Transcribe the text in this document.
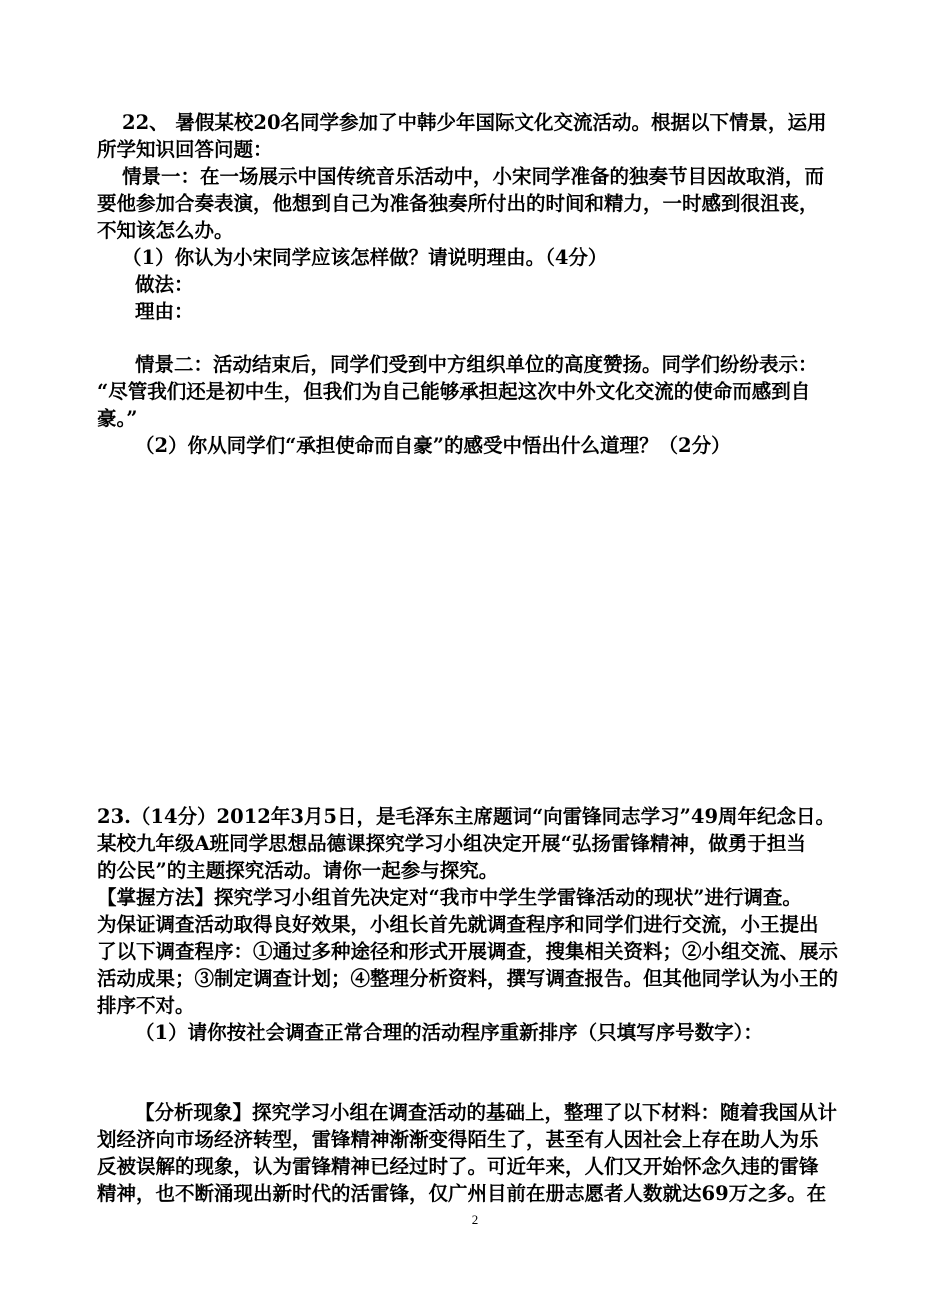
22、 暑假某校20名同学参加了中韩少年国际文化交流活动。根据以下情景，运用
所学知识回答问题：
情景一：在一场展示中国传统音乐活动中，小宋同学准备的独奏节目因故取消，而
要他参加合奏表演，他想到自己为准备独奏所付出的时间和精力，一时感到很沮丧，
不知该怎么办。
（1）你认为小宋同学应该怎样做？请说明理由。（4分）
做法：
理由：
情景二：活动结束后，同学们受到中方组织单位的高度赞扬。同学们纷纷表示：
“尽管我们还是初中生，但我们为自己能够承担起这次中外文化交流的使命而感到自
豪。”
（2）你从同学们“承担使命而自豪”的感受中悟出什么道理？（2分）
23.（14分）2012年3月5日，是毛泽东主席题词“向雷锋同志学习”49周年纪念日。
某校九年级A班同学思想品德课探究学习小组决定开展“弘扬雷锋精神，做勇于担当
的公民”的主题探究活动。请你一起参与探究。
【掌握方法】探究学习小组首先决定对“我市中学生学雷锋活动的现状”进行调查。
为保证调查活动取得良好效果，小组长首先就调查程序和同学们进行交流，小王提出
了以下调查程序：①通过多种途径和形式开展调查，搜集相关资料；②小组交流、展示
活动成果；③制定调查计划；④整理分析资料，撰写调查报告。但其他同学认为小王的
排序不对。
（1）请你按社会调查正常合理的活动程序重新排序（只填写序号数字）：
【分析现象】探究学习小组在调查活动的基础上，整理了以下材料：随着我国从计
划经济向市场经济转型，雷锋精神渐渐变得陌生了，甚至有人因社会上存在助人为乐
反被误解的现象，认为雷锋精神已经过时了。可近年来，人们又开始怀念久违的雷锋
精神，也不断涌现出新时代的活雷锋，仅广州目前在册志愿者人数就达69万之多。在
2
